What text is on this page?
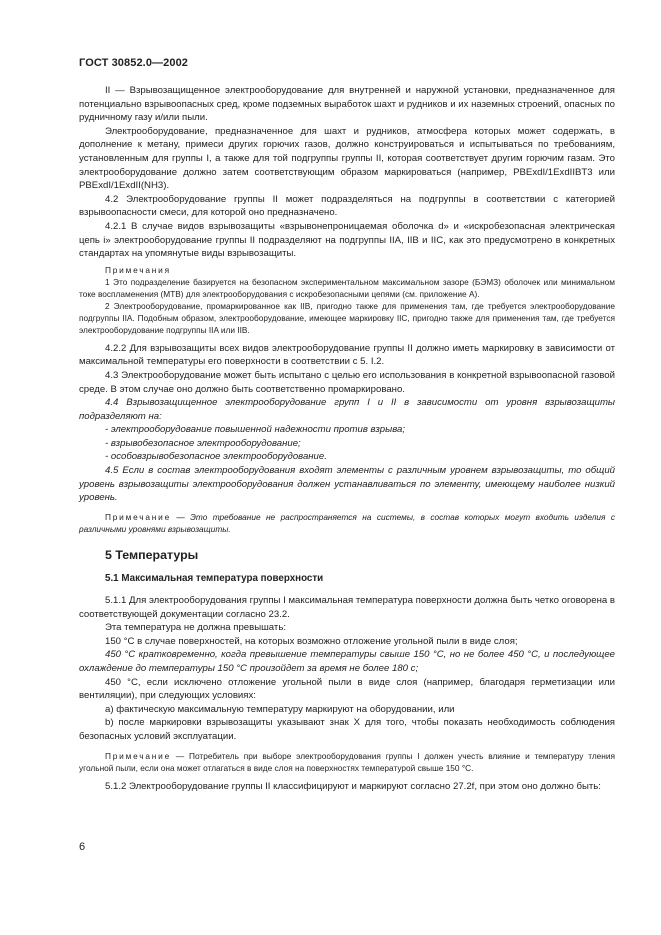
ГОСТ 30852.0—2002

II — Взрывозащищенное электрооборудование для внутренней и наружной установки, предназначенное для потенциально взрывоопасных сред, кроме подземных выработок шахт и рудников и их наземных строений, опасных по рудничному газу и/или пыли.

Электрооборудование, предназначенное для шахт и рудников, атмосфера которых может содержать, в дополнение к метану, примеси других горючих газов, должно конструироваться и испытываться по требованиям, установленным для группы I, а также для той подгруппы группы II, которая соответствует другим горючим газам. Это электрооборудование должно затем соответствующим образом маркироваться (например, PBExdI/1ExdIIBT3 или PBExdI/1ExdII(NH3).

4.2 Электрооборудование группы II может подразделяться на подгруппы в соответствии с категорией взрывоопасности смеси, для которой оно предназначено.

4.2.1 В случае видов взрывозащиты «взрывонепроницаемая оболочка d» и «искробезопасная электрическая цепь i» электрооборудование группы II подразделяют на подгруппы IIA, IIB и IIC, как это предусмотрено в конкретных стандартах на упомянутые виды взрывозащиты.

Примечания

1 Это подразделение базируется на безопасном экспериментальном максимальном зазоре (БЭМЗ) оболочек или минимальном токе воспламенения (МТВ) для электрооборудования с искробезопасными цепями (см. приложение А).

2 Электрооборудование, промаркированное как IIB, пригодно также для применения там, где требуется электрооборудование подгруппы IIA. Подобным образом, электрооборудование, имеющее маркировку IIC, пригодно также для применения там, где требуется электрооборудование подгруппы IIA или IIB.

4.2.2 Для взрывозащиты всех видов электрооборудование группы II должно иметь маркировку в зависимости от максимальной температуры его поверхности в соответствии с 5. I.2.

4.3 Электрооборудование может быть испытано с целью его использования в конкретной взрывоопасной газовой среде. В этом случае оно должно быть соответственно промаркировано.

4.4 Взрывозащищенное электрооборудование групп I и II в зависимости от уровня взрывозащиты подразделяют на:

- электрооборудование повышенной надежности против взрыва;

- взрывобезопасное электрооборудование;

- особовзрывобезопасное электрооборудование.

4.5 Если в состав электрооборудования входят элементы с различным уровнем взрывозащиты, то общий уровень взрывозащиты электрооборудования должен устанавливаться по элементу, имеющему наиболее низкий уровень.

Примечание — Это требование не распространяется на системы, в состав которых могут входить изделия с различными уровнями взрывозащиты.

5 Температуры

5.1 Максимальная температура поверхности

5.1.1 Для электрооборудования группы I максимальная температура поверхности должна быть четко оговорена в соответствующей документации согласно 23.2.

Эта температура не должна превышать:

150 °С в случае поверхностей, на которых возможно отложение угольной пыли в виде слоя;

450 °С кратковременно, когда превышение температуры свыше 150 °С, но не более 450 °С, и последующее охлаждение до температуры 150 °С произойдет за время не более 180 с;

450 °С, если исключено отложение угольной пыли в виде слоя (например, благодаря герметизации или вентиляции), при следующих условиях:

а) фактическую максимальную температуру маркируют на оборудовании, или

b) после маркировки взрывозащиты указывают знак X для того, чтобы показать необходимость соблюдения безопасных условий эксплуатации.

Примечание — Потребитель при выборе электрооборудования группы I должен учесть влияние и температуру тления угольной пыли, если она может отлагаться в виде слоя на поверхностях температурой свыше 150 °С.

5.1.2 Электрооборудование группы II классифицируют и маркируют согласно 27.2f, при этом оно должно быть:

6
